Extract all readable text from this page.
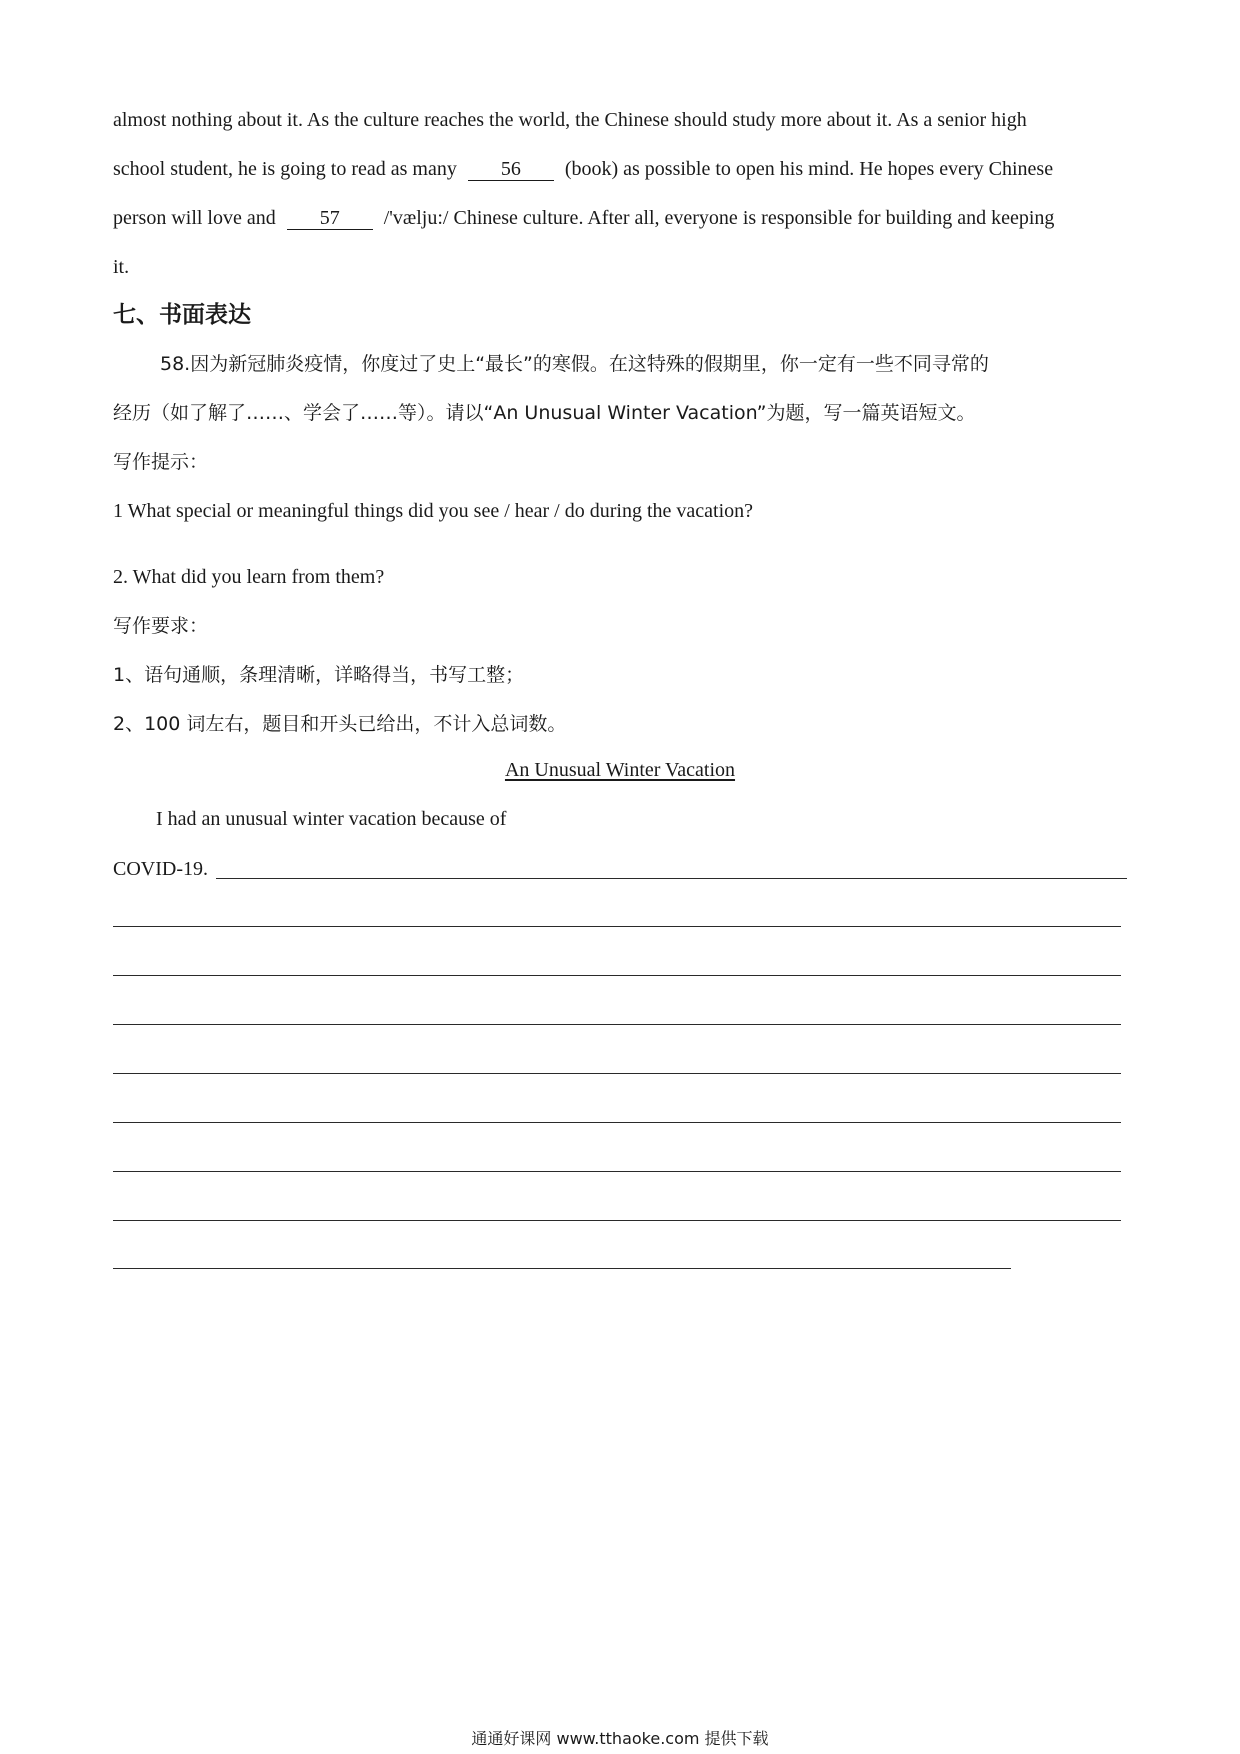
almost nothing about it. As the culture reaches the world, the Chinese should study more about it. As a senior high
school student, he is going to read as many 56 (book) as possible to open his mind. He hopes every Chinese
person will love and 57 /'vælju:/ Chinese culture. After all, everyone is responsible for building and keeping
it.
七、书面表达
58.因为新冠肺炎疫情，你度过了史上“最长”的寒假。在这特殊的假期里，你一定有一些不同寻常的
经历（如了解了……、学会了……等）。请以“An Unusual Winter Vacation”为题，写一篇英语短文。
写作提示：
1 What special or meaningful things did you see / hear / do during the vacation?
2. What did you learn from them?
写作要求：
1、语句通顺，条理清晰，详略得当，书写工整；
2、100 词左右，题目和开头已给出，不计入总词数。
An Unusual Winter Vacation
I had an unusual winter vacation because of
COVID-19.
通通好课网 www.tthaoke.com 提供下载
